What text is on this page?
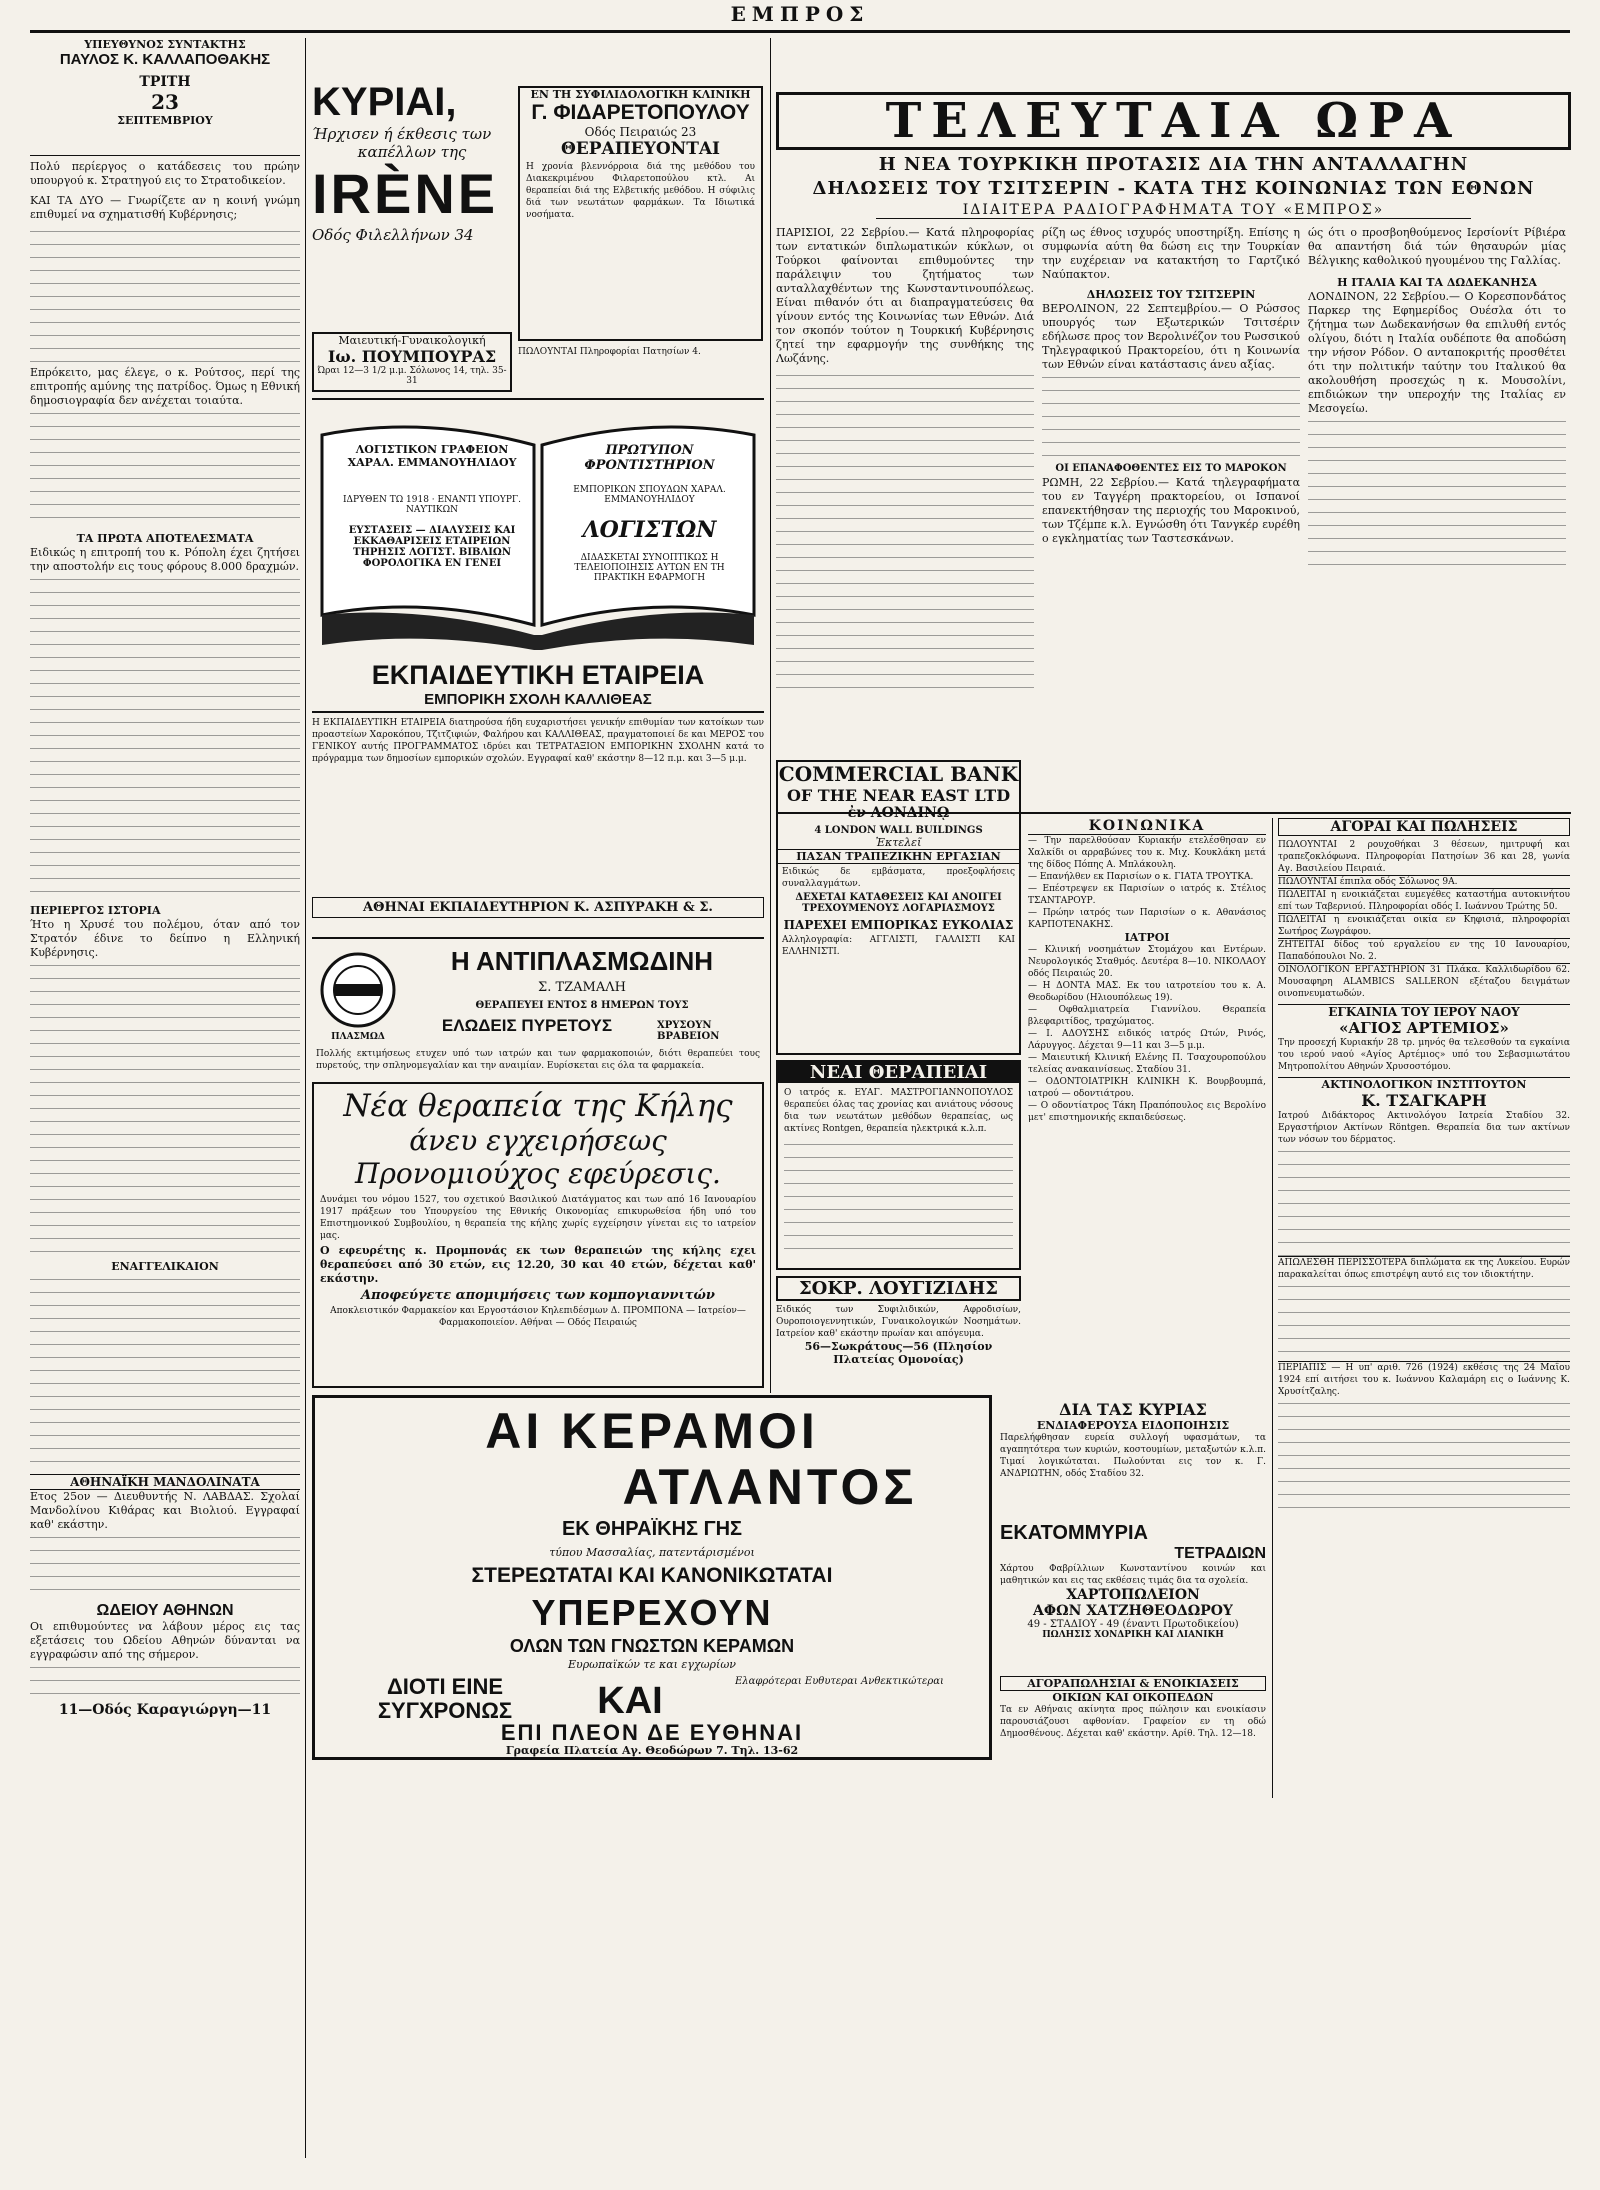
ΕΜΠΡΟΣ
ΥΠΕΥΘΥΝΟΣ ΣΥΝΤΑΚΤΗΣ
ΠΑΥΛΟΣ Κ. ΚΑΛΛΑΠΟΘΑΚΗΣ
ΤΡΙΤΗ
23
ΣΕΠΤΕΜΒΡΙΟΥ
Πολύ περίεργος ο κατάδεσεις του πρώην υπουργού κ. Στρατηγού εις το Στρατοδικείον.
ΚΑΙ ΤΑ ΔΥΟ — Γνωρίζετε αν η κοινή γνώμη επιθυμεί να σχηματισθή Κυβέρνησις;
Επρόκειτο, μας έλεγε, ο κ. Ρούτσος, περί της επιτροπής αμύνης της πατρίδος. Όμως η Εθνική δημοσιογραφία δεν ανέχεται τοιαύτα.
ΤΑ ΠΡΩΤΑ ΑΠΟΤΕΛΕΣΜΑΤΑ
Ειδικώς η επιτροπή του κ. Ρόπολη έχει ζητήσει την αποστολήν εις τους φόρους 8.000 δραχμών.
ΠΕΡΙΕΡΓΟΣ ΙΣΤΟΡΙΑ
Ήτο η Χρυσέ του πολέμου, όταν από τον Στρατόν έδινε το δείπνο η Ελληνική Κυβέρνησις.
ΕΝΑΓΓΕΛΙΚΑΙΟΝ
ΑΘΗΝΑΪΚΗ ΜΑΝΔΟΛΙΝΑΤΑ
Ετος 25ον — Διευθυντής Ν. ΛΑΒΔΑΣ. Σχολαί Μανδολίνου Κιθάρας και Βιολιού. Εγγραφαί καθ' εκάστην.
ΩΔΕΙΟΥ ΑΘΗΝΩΝ
Οι επιθυμούντες να λάβουν μέρος εις τας εξετάσεις του Ωδείου Αθηνών δύνανται να εγγραφώσιν από της σήμερον.
11—Οδός Καραγιώργη—11
ΚΥΡΙΑΙ,
Ήρχισεν ή έκθεσις των
καπέλλων της
IRÈNE
Οδός Φιλελλήνων 34
Μαιευτική-Γυναικολογική
Ιω. ΠΟΥΜΠΟΥΡΑΣ
Ώραι 12—3 1/2 μ.μ. Σόλωνος 14, τηλ. 35-31
ΕΝ ΤΗ ΣΥΦΙΛΙΔΟΛΟΓΙΚΗ ΚΛΙΝΙΚΗ
Γ. ΦΙΔΑΡΕΤΟΠΟΥΛΟΥ
Οδός Πειραιώς 23
ΘΕΡΑΠΕΥΟΝΤΑΙ
Η χρονία βλεννόρροια διά της μεθόδου του Διακεκριμένου Φιλαρετοπούλου κτλ. Αι θεραπείαι διά της Ελβετικής μεθόδου. Η σύφιλις διά των νεωτάτων φαρμάκων. Τα Ιδιωτικά νοσήματα.
ΠΩΛΟΥΝΤΑΙ Πληροφορίαι Πατησίων 4.
ΛΟΓΙΣΤΙΚΟΝ ΓΡΑΦΕΙΟΝ ΧΑΡΑΛ. ΕΜΜΑΝΟΥΗΛΙΔΟΥ
ΙΔΡΥΘΕΝ ΤΩ 1918 · ΕΝΑΝΤΙ ΥΠΟΥΡΓ. ΝΑΥΤΙΚΩΝ
ΕΥΣΤΑΣΕΙΣ — ΔΙΑΛΥΣΕΙΣ ΚΑΙ ΕΚΚΑΘΑΡΙΣΕΙΣ ΕΤΑΙΡΕΙΩΝ ΤΗΡΗΣΙΣ ΛΟΓΙΣΤ. ΒΙΒΛΙΩΝ ΦΟΡΟΛΟΓΙΚΑ ΕΝ ΓΕΝΕΙ
ΠΡΩΤΥΠΟΝ ΦΡΟΝΤΙΣΤΗΡΙΟΝ
ΕΜΠΟΡΙΚΩΝ ΣΠΟΥΔΩΝ ΧΑΡΑΛ. ΕΜΜΑΝΟΥΗΛΙΔΟΥ
ΛΟΓΙΣΤΩΝ
ΔΙΔΑΣΚΕΤΑΙ ΣΥΝΟΠΤΙΚΩΣ Η ΤΕΛΕΙΟΠΟΙΗΣΙΣ ΑΥΤΩΝ ΕΝ ΤΗ ΠΡΑΚΤΙΚΗ ΕΦΑΡΜΟΓΗ
ΕΚΠΑΙΔΕΥΤΙΚΗ ΕΤΑΙΡΕΙΑ
ΕΜΠΟΡΙΚΗ ΣΧΟΛΗ ΚΑΛΛΙΘΕΑΣ
Η ΕΚΠΑΙΔΕΥΤΙΚΗ ΕΤΑΙΡΕΙΑ διατηρούσα ήδη ευχαριστήσει γενικήν επιθυμίαν των κατοίκων των προαστείων Χαροκόπου, Τζιτζιφιών, Φαλήρου και ΚΑΛΛΙΘΕΑΣ, πραγματοποιεί δε και ΜΕΡΟΣ του ΓΕΝΙΚΟΥ αυτής ΠΡΟΓΡΑΜΜΑΤΟΣ ιδρύει και ΤΕΤΡΑΤΑΞΙΟΝ ΕΜΠΟΡΙΚΗΝ ΣΧΟΛΗΝ κατά το πρόγραμμα των δημοσίων εμπορικών σχολών. Εγγραφαί καθ' εκάστην 8—12 π.μ. και 3—5 μ.μ.
ΑΘΗΝΑΙ ΕΚΠΑΙΔΕΥΤΗΡΙΟΝ Κ. ΑΣΠΥΡΑΚΗ & Σ.
ΠΛΑΣΜΩΔ
Η ΑΝΤΙΠΛΑΣΜΩΔΙΝΗ
Σ. ΤΖΑΜΑΛΗ
ΘΕΡΑΠΕΥΕΙ ΕΝΤΟΣ 8 ΗΜΕΡΩΝ ΤΟΥΣ
ΕΛΩΔΕΙΣ ΠΥΡΕΤΟΥΣ	ΧΡΥΣΟΥΝ ΒΡΑΒΕΙΟΝ
Πολλής εκτιμήσεως ετυχεν υπό των ιατρών και των φαρμακοποιών, διότι θεραπεύει τους πυρετούς, την σπληνομεγαλίαν και την αναιμίαν. Ευρίσκεται εις όλα τα φαρμακεία.
Νέα θεραπεία της Κήλης
άνευ εγχειρήσεως
Προνομιούχος εφεύρεσις.
Δυνάμει του νόμου 1527, του σχετικού Βασιλικού Διατάγματος και των από 16 Ιανουαρίου 1917 πράξεων του Υπουργείου της Εθνικής Οικονομίας επικυρωθείσα ήδη υπό του Επιστημονικού Συμβουλίου, η θεραπεία της κήλης χωρίς εγχείρησιν γίνεται εις το ιατρείον μας.
Ο εφευρέτης κ. Προμπονάς εκ των θεραπειών της κήλης εχει θεραπεύσει από 30 ετών, εις 12.20, 30 και 40 ετών, δέχεται καθ' εκάστην.
Αποφεύγετε απομιμήσεις των κομπογιαννιτών
Αποκλειστικόν Φαρμακείον και Εργοστάσιον Κηλεπιδέσμων Δ. ΠΡΟΜΠΟΝΑ — Ιατρείον—Φαρμακοποιείον. Αθήναι — Οδός Πειραιώς
ΑΙ ΚΕΡΑΜΟΙ
ΑΤΛΑΝΤΟΣ
ΕΚ ΘΗΡΑΪΚΗΣ ΓΗΣ
τύπου Μασσαλίας, πατεντάρισμένοι
ΣΤΕΡΕΩΤΑΤΑΙ ΚΑΙ ΚΑΝΟΝΙΚΩΤΑΤΑΙ
ΥΠΕΡΕΧΟΥΝ
ΟΛΩΝ ΤΩΝ ΓΝΩΣΤΩΝ ΚΕΡΑΜΩΝ
Ευρωπαϊκών τε και εγχωρίων
ΔΙΟΤΙ ΕΙΝΕ
ΣΥΓΧΡΟΝΩΣ	ΚΑΙ	Ελαφρότεραι Ευθυτεραι Ανθεκτικώτεραι
ΕΠΙ ΠΛΕΟΝ ΔΕ ΕΥΘΗΝΑΙ
Γραφεία Πλατεία Αγ. Θεοδώρων 7. Τηλ. 13-62
ΤΕΛΕΥΤΑΙΑ ΩΡΑ
Η ΝΕΑ ΤΟΥΡΚΙΚΗ ΠΡΟΤΑΣΙΣ ΔΙΑ ΤΗΝ ΑΝΤΑΛΛΑΓΗΝ
ΔΗΛΩΣΕΙΣ ΤΟΥ ΤΣΙΤΣΕΡΙΝ - ΚΑΤΑ ΤΗΣ ΚΟΙΝΩΝΙΑΣ ΤΩΝ ΕΘΝΩΝ
ΙΔΙΑΙΤΕΡΑ ΡΑΔΙΟΓΡΑΦΗΜΑΤΑ ΤΟΥ «ΕΜΠΡΟΣ»
ΠΑΡΙΣΙΟΙ, 22 Σεβρίου.— Κατά πληροφορίας των εντατικών διπλωματικών κύκλων, οι Τούρκοι φαίνονται επιθυμούντες την παράλειψιν του ζητήματος των ανταλλαχθέντων της Κωνσταντινουπόλεως. Είναι πιθανόν ότι αι διαπραγματεύσεις θα γίνουν εντός της Κοινωνίας των Εθνών. Διά τον σκοπόν τούτον η Τουρκική Κυβέρνησις ζητεί την εφαρμογήν της συνθήκης της Λωζάνης.
ρίζη ως έθνος ισχυρός υποστηρίξη. Επίσης η συμφωνία αύτη θα δώση εις την Τουρκίαν την ευχέρειαν να κατακτήση το Γαρτζικό Ναύπακτον.
ΔΗΛΩΣΕΙΣ ΤΟΥ ΤΣΙΤΣΕΡΙΝ
ΒΕΡΟΛΙΝΟΝ, 22 Σεπτεμβρίου.— Ο Ρώσσος υπουργός των Εξωτερικών Τσιτσέριν εδήλωσε προς τον Βερολινέζον του Ρωσσικού Τηλεγραφικού Πρακτορείου, ότι η Κοινωνία των Εθνών είναι κατάστασις άνευ αξίας.
ΟΙ ΕΠΑΝΑΦΟΘΕΝΤΕΣ ΕΙΣ ΤΟ ΜΑΡΟΚΟΝ
ΡΩΜΗ, 22 Σεβρίου.— Κατά τηλεγραφήματα του εν Ταγγέρη πρακτορείου, οι Ισπανοί επανεκτήθησαν της περιοχής του Μαροκινού, των Τζέμπε κ.λ. Εγνώσθη ότι Τανγκέρ ευρέθη ο εγκληματίας των Ταστεσκάνων.
ώς ότι ο προσβοηθούμενος Ιερσίονίτ Ρίβιέρα θα απαντήση διά τών θησαυρών μίας Βέλγικης καθολικού ηγουμένου της Γαλλίας.
Η ΙΤΑΛΙΑ ΚΑΙ ΤΑ ΔΩΔΕΚΑΝΗΣΑ
ΛΟΝΔΙΝΟΝ, 22 Σεβρίου.— Ο Κορεσπονδάτος Παρκερ της Εφημερίδος Ουέσλα ότι το ζήτημα των Δωδεκανήσων θα επιλυθή εντός ολίγου, διότι η Ιταλία ουδέποτε θα αποδώση την νήσον Ρόδον. Ο ανταποκριτής προσθέτει ότι την πολιτικήν ταύτην του Ιταλικού θα ακολουθήση προσεχώς η κ. Μουσολίνι, επιδιώκων την υπεροχήν της Ιταλίας εν Μεσογείω.
COMMERCIAL BANK
OF THE NEAR EAST LTD
ἐν ΛΟΝΔΙΝῼ
4 LONDON WALL BUILDINGS
Ἐκτελεῖ
ΠΑΣΑΝ ΤΡΑΠΕΖΙΚΗΝ ΕΡΓΑΣΙΑΝ
Ειδικώς δε εμβάσματα, προεξοφλήσεις συναλλαγμάτων.
ΔΕΧΕΤΑΙ ΚΑΤΑΘΕΣΕΙΣ ΚΑΙ ΑΝΟΙΓΕΙ ΤΡΕΧΟΥΜΕΝΟΥΣ ΛΟΓΑΡΙΑΣΜΟΥΣ
ΠΑΡΕΧΕΙ ΕΜΠΟΡΙΚΑΣ ΕΥΚΟΛΙΑΣ
Αλληλογραφία: ΑΓΓΛΙΣΤΙ, ΓΑΛΛΙΣΤΙ ΚΑΙ ΕΛΛΗΝΙΣΤΙ.
ΝΕΑΙ ΘΕΡΑΠΕΙΑΙ
Ο ιατρός κ. ΕΥΑΓ. ΜΑΣΤΡΟΓΙΑΝΝΟΠΟΥΛΟΣ θεραπεύει όλας τας χρονίας και ανιάτους νόσους δια των νεωτάτων μεθόδων θεραπείας, ως ακτίνες Rontgen, θεραπεία ηλεκτρικά κ.λ.π.
ΣΟΚΡ. ΛΟΥΓΙΖΙΔΗΣ
Ειδικός των Συφιλιδικών, Αφροδισίων, Ουροποιογεννητικών, Γυναικολογικών Νοσημάτων. Ιατρείον καθ' εκάστην πρωίαν και απόγευμα.
56—Σωκράτους—56 (Πλησίον Πλατείας Ομονοίας)
ΚΟΙΝΩΝΙΚΑ
— Την παρελθούσαν Κυριακήν ετελέσθησαν εν Χαλκίδι οι αρραβώνες του κ. Μιχ. Κουκλάκη μετά της δίδος Πόπης Α. Μπλάκουλη.
— Επανήλθεν εκ Παρισίων ο κ. ΓΙΑΤΑ ΤΡΟΥΤΚΑ.
— Επέστρεψεν εκ Παρισίων ο ιατρός κ. Στέλιος ΤΣΑΝΤΑΡΟΥΡ.
— Πρώην ιατρός των Παρισίων ο κ. Αθανάσιος ΚΑΡΠΟΤΕΝΑΚΗΣ.
ΙΑΤΡΟΙ
— Κλινική νοσημάτων Στομάχου και Εντέρων. Νευρολογικός Σταθμός. Δευτέρα 8—10. ΝΙΚΟΛΑΟΥ οδός Πειραιώς 20.
— Η ΔΟΝΤΑ ΜΑΣ. Εκ του ιατροτείου του κ. Α. Θεοδωρίδου (Ηλιουπόλεως 19).
— Οφθαλμιατρεία Γιαννίλου. Θεραπεία βλεφαριτίδος, τραχώματος.
— Ι. ΑΔΟΥΣΗΣ ειδικός ιατρός Ωτών, Ρινός, Λάρυγγος. Δέχεται 9—11 και 3—5 μ.μ.
— Μαιευτική Κλινική Ελένης Π. Τσαχουροπούλου τελείας ανακαινίσεως. Σταδίου 31.
— ΟΔΟΝΤΟΙΑΤΡΙΚΗ ΚΛΙΝΙΚΗ Κ. Βουρβουμπά, ιατρού — οδοντιάτρου.
— Ο οδοντίατρος Τάκη Πραπόπουλος εις Βερολίνο μετ' επιστημονικής εκπαιδεύσεως.
ΔΙΑ ΤΑΣ ΚΥΡΙΑΣ
ΕΝΔΙΑΦΕΡΟΥΣΑ ΕΙΔΟΠΟΙΗΣΙΣ
Παρελήφθησαν ευρεία συλλογή υφασμάτων, τα αγαπητότερα των κυριών, κοστουμίων, μεταξωτών κ.λ.π. Τιμαί λογικώταται. Πωλούνται εις τον κ. Γ. ΑΝΔΡΙΩΤΗΝ, οδός Σταδίου 32.
ΕΚΑΤΟΜΜΥΡΙΑ
ΤΕΤΡΑΔΙΩΝ
Χάρτου Φαβρίλλιων Κωνσταντίνου κοινών και μαθητικών και εις τας εκθέσεις τιμάς δια τα σχολεία.
ΧΑΡΤΟΠΩΛΕΙΟΝ
ΑΦΩΝ ΧΑΤΖΗΘΕΟΔΩΡΟΥ
49 - ΣΤΑΔΙΟΥ - 49 (έναντι Πρωτοδικείου)
ΠΩΛΗΣΙΣ ΧΟΝΔΡΙΚΗ ΚΑΙ ΛΙΑΝΙΚΗ
ΑΓΟΡΑΠΩΛΗΣΙΑΙ & ΕΝΟΙΚΙΑΣΕΙΣ
ΟΙΚΙΩΝ ΚΑΙ ΟΙΚΟΠΕΔΩΝ
Τα εν Αθήναις ακίνητα προς πώλησιν και ενοικίασιν παρουσιάζουσι αφθονίαν. Γραφείον εν τη οδώ Δημοσθένους. Δέχεται καθ' εκάστην. Αρίθ. Τηλ. 12—18.
ΑΓΟΡΑΙ ΚΑΙ ΠΩΛΗΣΕΙΣ
ΠΩΛΟΥΝΤΑΙ 2 ρουχοθήκαι 3 θέσεων, ημιτρυφή και τραπεζοκλόφωνα. Πληροφορίαι Πατησίων 36 και 28, γωνία Αγ. Βασιλείου Πειραιά.
ΠΩΛΟΥΝΤΑΙ έπιπλα οδός Σόλωνος 9Α.
ΠΩΛΕΙΤΑΙ η ενοικιάζεται ευμεγέθες καταστήμα αυτοκινήτου επί των Ταβερνιού. Πληροφορίαι οδός Ι. Ιωάννου Τρώτης 50.
ΠΩΛΕΙΤΑΙ η ενοικιάζεται οικία εν Κηφισιά, πληροφορίαι Σωτήρος Ζωγράφου.
ΖΗΤΕΙΤΑΙ δίδος τού εργαλείου εν της 10 Ιανουαρίου, Παπαδόπουλοι Νο. 2.
ΟΙΝΟΛΟΓΙΚΟΝ ΕΡΓΑΣΤΗΡΙΟΝ 31 Πλάκα. Καλλιδωρίδου 62. Μουσαφηρη ALAMBICS SALLERON εξέταζου δειγμάτων οινοπνευματωδών.
ΕΓΚΑΙΝΙΑ ΤΟΥ ΙΕΡΟΥ ΝΑΟΥ
«ΑΓΙΟΣ ΑΡΤΕΜΙΟΣ»
Την προσεχή Κυριακήν 28 τρ. μηνός θα τελεσθούν τα εγκαίνια του ιερού ναού «Αγίος Αρτέμιος» υπό του Σεβασμιωτάτου Μητροπολίτου Αθηνών Χρυσοστόμου.
ΑΚΤΙΝΟΛΟΓΙΚΟΝ ΙΝΣΤΙΤΟΥΤΟΝ
Κ. ΤΣΑΓΚΑΡΗ
Ιατρού Διδάκτορος Ακτινολόγου Ιατρεία Σταδίου 32. Εργαστήριον Ακτίνων Röntgen. Θεραπεία δια των ακτίνων των νόσων του δέρματος.
ΑΠΩΛΕΣΘΗ ΠΕΡΙΣΣΟΤΕΡΑ διπλώματα εκ της Λυκείου. Ευρών παρακαλείται όπως επιστρέψη αυτό εις τον ιδιοκτήτην.
ΠΕΡΙΑΠΙΣ — Η υπ' αριθ. 726 (1924) εκθέσις της 24 Μαΐου 1924 επί αιτήσει του κ. Ιωάννου Καλαμάρη εις ο Ιωάννης Κ. Χρυσίτζαλης.
